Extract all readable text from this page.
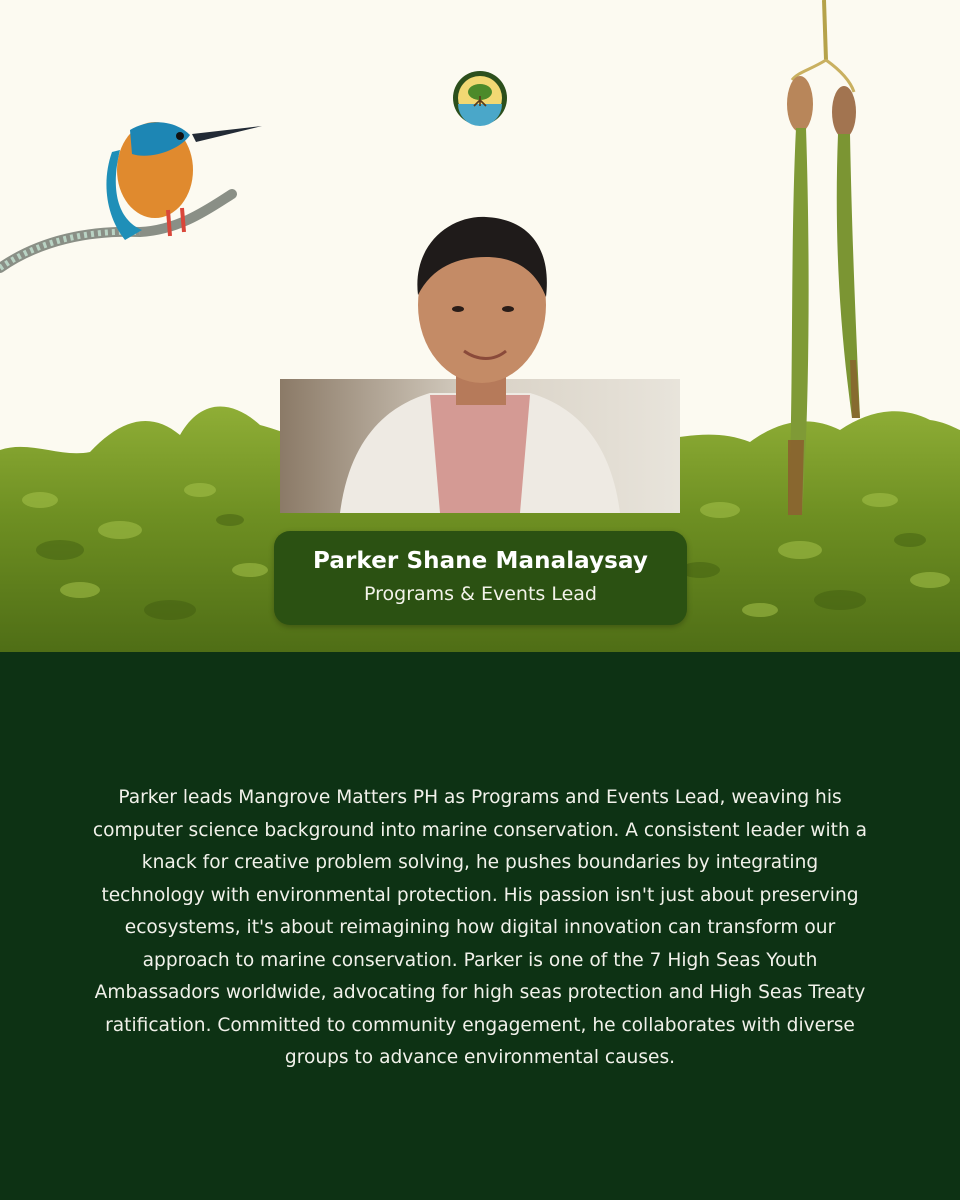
Parker Shane Manalaysay
Programs & Events Lead

Parker leads Mangrove Matters PH as Programs and Events Lead, weaving his computer science background into marine conservation. A consistent leader with a knack for creative problem solving, he pushes boundaries by integrating technology with environmental protection. His passion isn't just about preserving ecosystems, it's about reimagining how digital innovation can transform our approach to marine conservation. Parker is one of the 7 High Seas Youth Ambassadors worldwide, advocating for high seas protection and High Seas Treaty ratification. Committed to community engagement, he collaborates with diverse groups to advance environmental causes.
